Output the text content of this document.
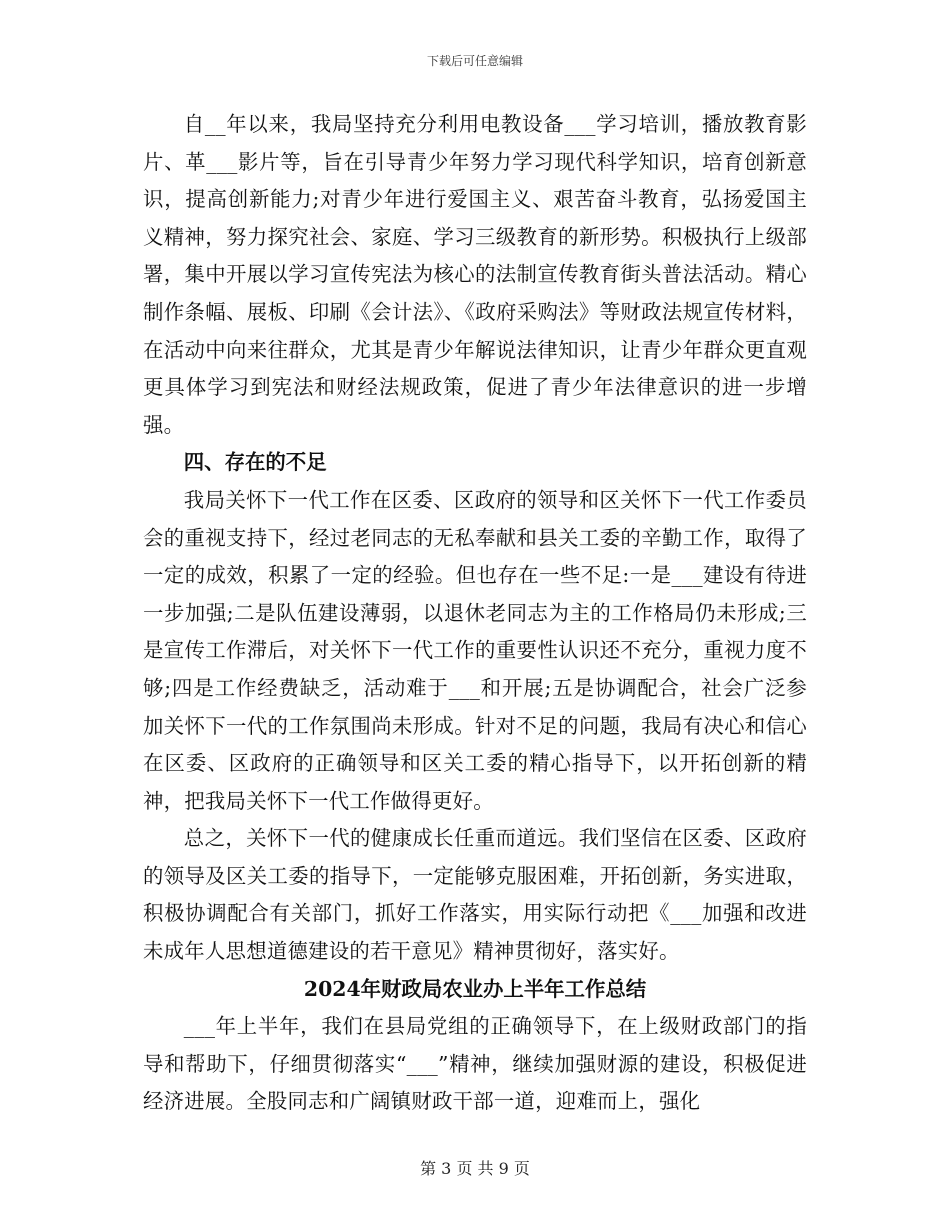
下载后可任意编辑

自__年以来，我局坚持充分利用电教设备___学习培训，播放教育影片、革___影片等，旨在引导青少年努力学习现代科学知识，培育创新意识，提高创新能力;对青少年进行爱国主义、艰苦奋斗教育，弘扬爱国主义精神，努力探究社会、家庭、学习三级教育的新形势。积极执行上级部署，集中开展以学习宣传宪法为核心的法制宣传教育街头普法活动。精心制作条幅、展板、印刷《会计法》、《政府采购法》等财政法规宣传材料，在活动中向来往群众，尤其是青少年解说法律知识，让青少年群众更直观更具体学习到宪法和财经法规政策，促进了青少年法律意识的进一步增强。

四、存在的不足

我局关怀下一代工作在区委、区政府的领导和区关怀下一代工作委员会的重视支持下，经过老同志的无私奉献和县关工委的辛勤工作，取得了一定的成效，积累了一定的经验。但也存在一些不足:一是___建设有待进一步加强;二是队伍建设薄弱，以退休老同志为主的工作格局仍未形成;三是宣传工作滞后，对关怀下一代工作的重要性认识还不充分，重视力度不够;四是工作经费缺乏，活动难于___和开展;五是协调配合，社会广泛参加关怀下一代的工作氛围尚未形成。针对不足的问题，我局有决心和信心在区委、区政府的正确领导和区关工委的精心指导下，以开拓创新的精神，把我局关怀下一代工作做得更好。

总之，关怀下一代的健康成长任重而道远。我们坚信在区委、区政府的领导及区关工委的指导下，一定能够克服困难，开拓创新，务实进取，积极协调配合有关部门，抓好工作落实，用实际行动把《___加强和改进未成年人思想道德建设的若干意见》精神贯彻好，落实好。

2024年财政局农业办上半年工作总结

___年上半年，我们在县局党组的正确领导下，在上级财政部门的指导和帮助下，仔细贯彻落实“___”精神，继续加强财源的建设，积极促进经济进展。全股同志和广阔镇财政干部一道，迎难而上，强化

第 3 页 共 9 页
